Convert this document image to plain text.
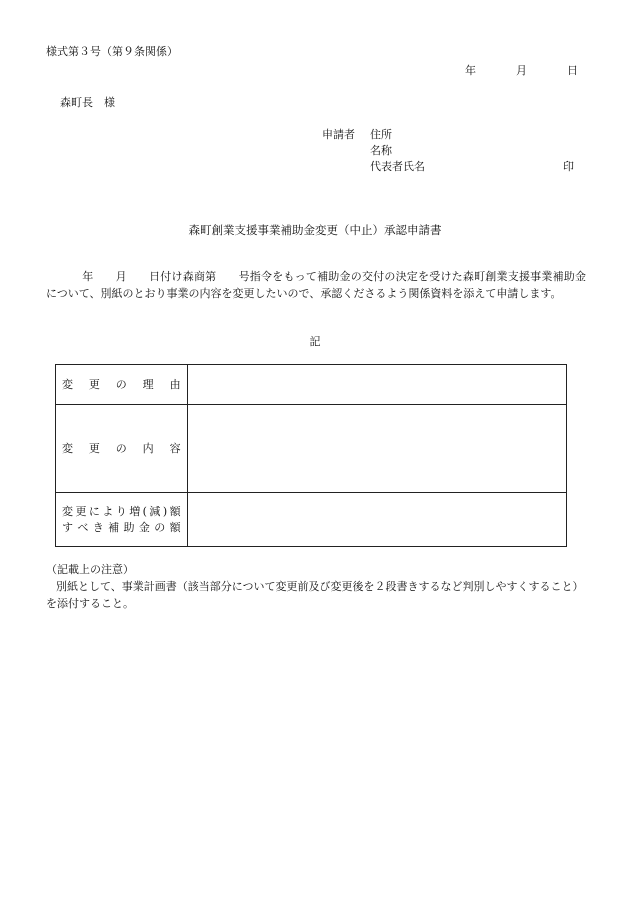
様式第３号（第９条関係）
年	月	日
森町長　様
申請者 住所
名称
代表者氏名	印
森町創業支援事業補助金変更（中止）承認申請書
年 月 日付け森商第 号指令をもって補助金の交付の決定を受けた森町創業支援事業補助金について、別紙のとおり事業の内容を変更したいので、承認くださるよう関係資料を添えて申請します。
記
変 更 の 理 由	
変 更 の 内 容	

変更により増(減)額
す べ き 補 助 金 の 額	

（記載上の注意）
別紙として、事業計画書（該当部分について変更前及び変更後を２段書きするなど判別しやすくすること）を添付すること。
